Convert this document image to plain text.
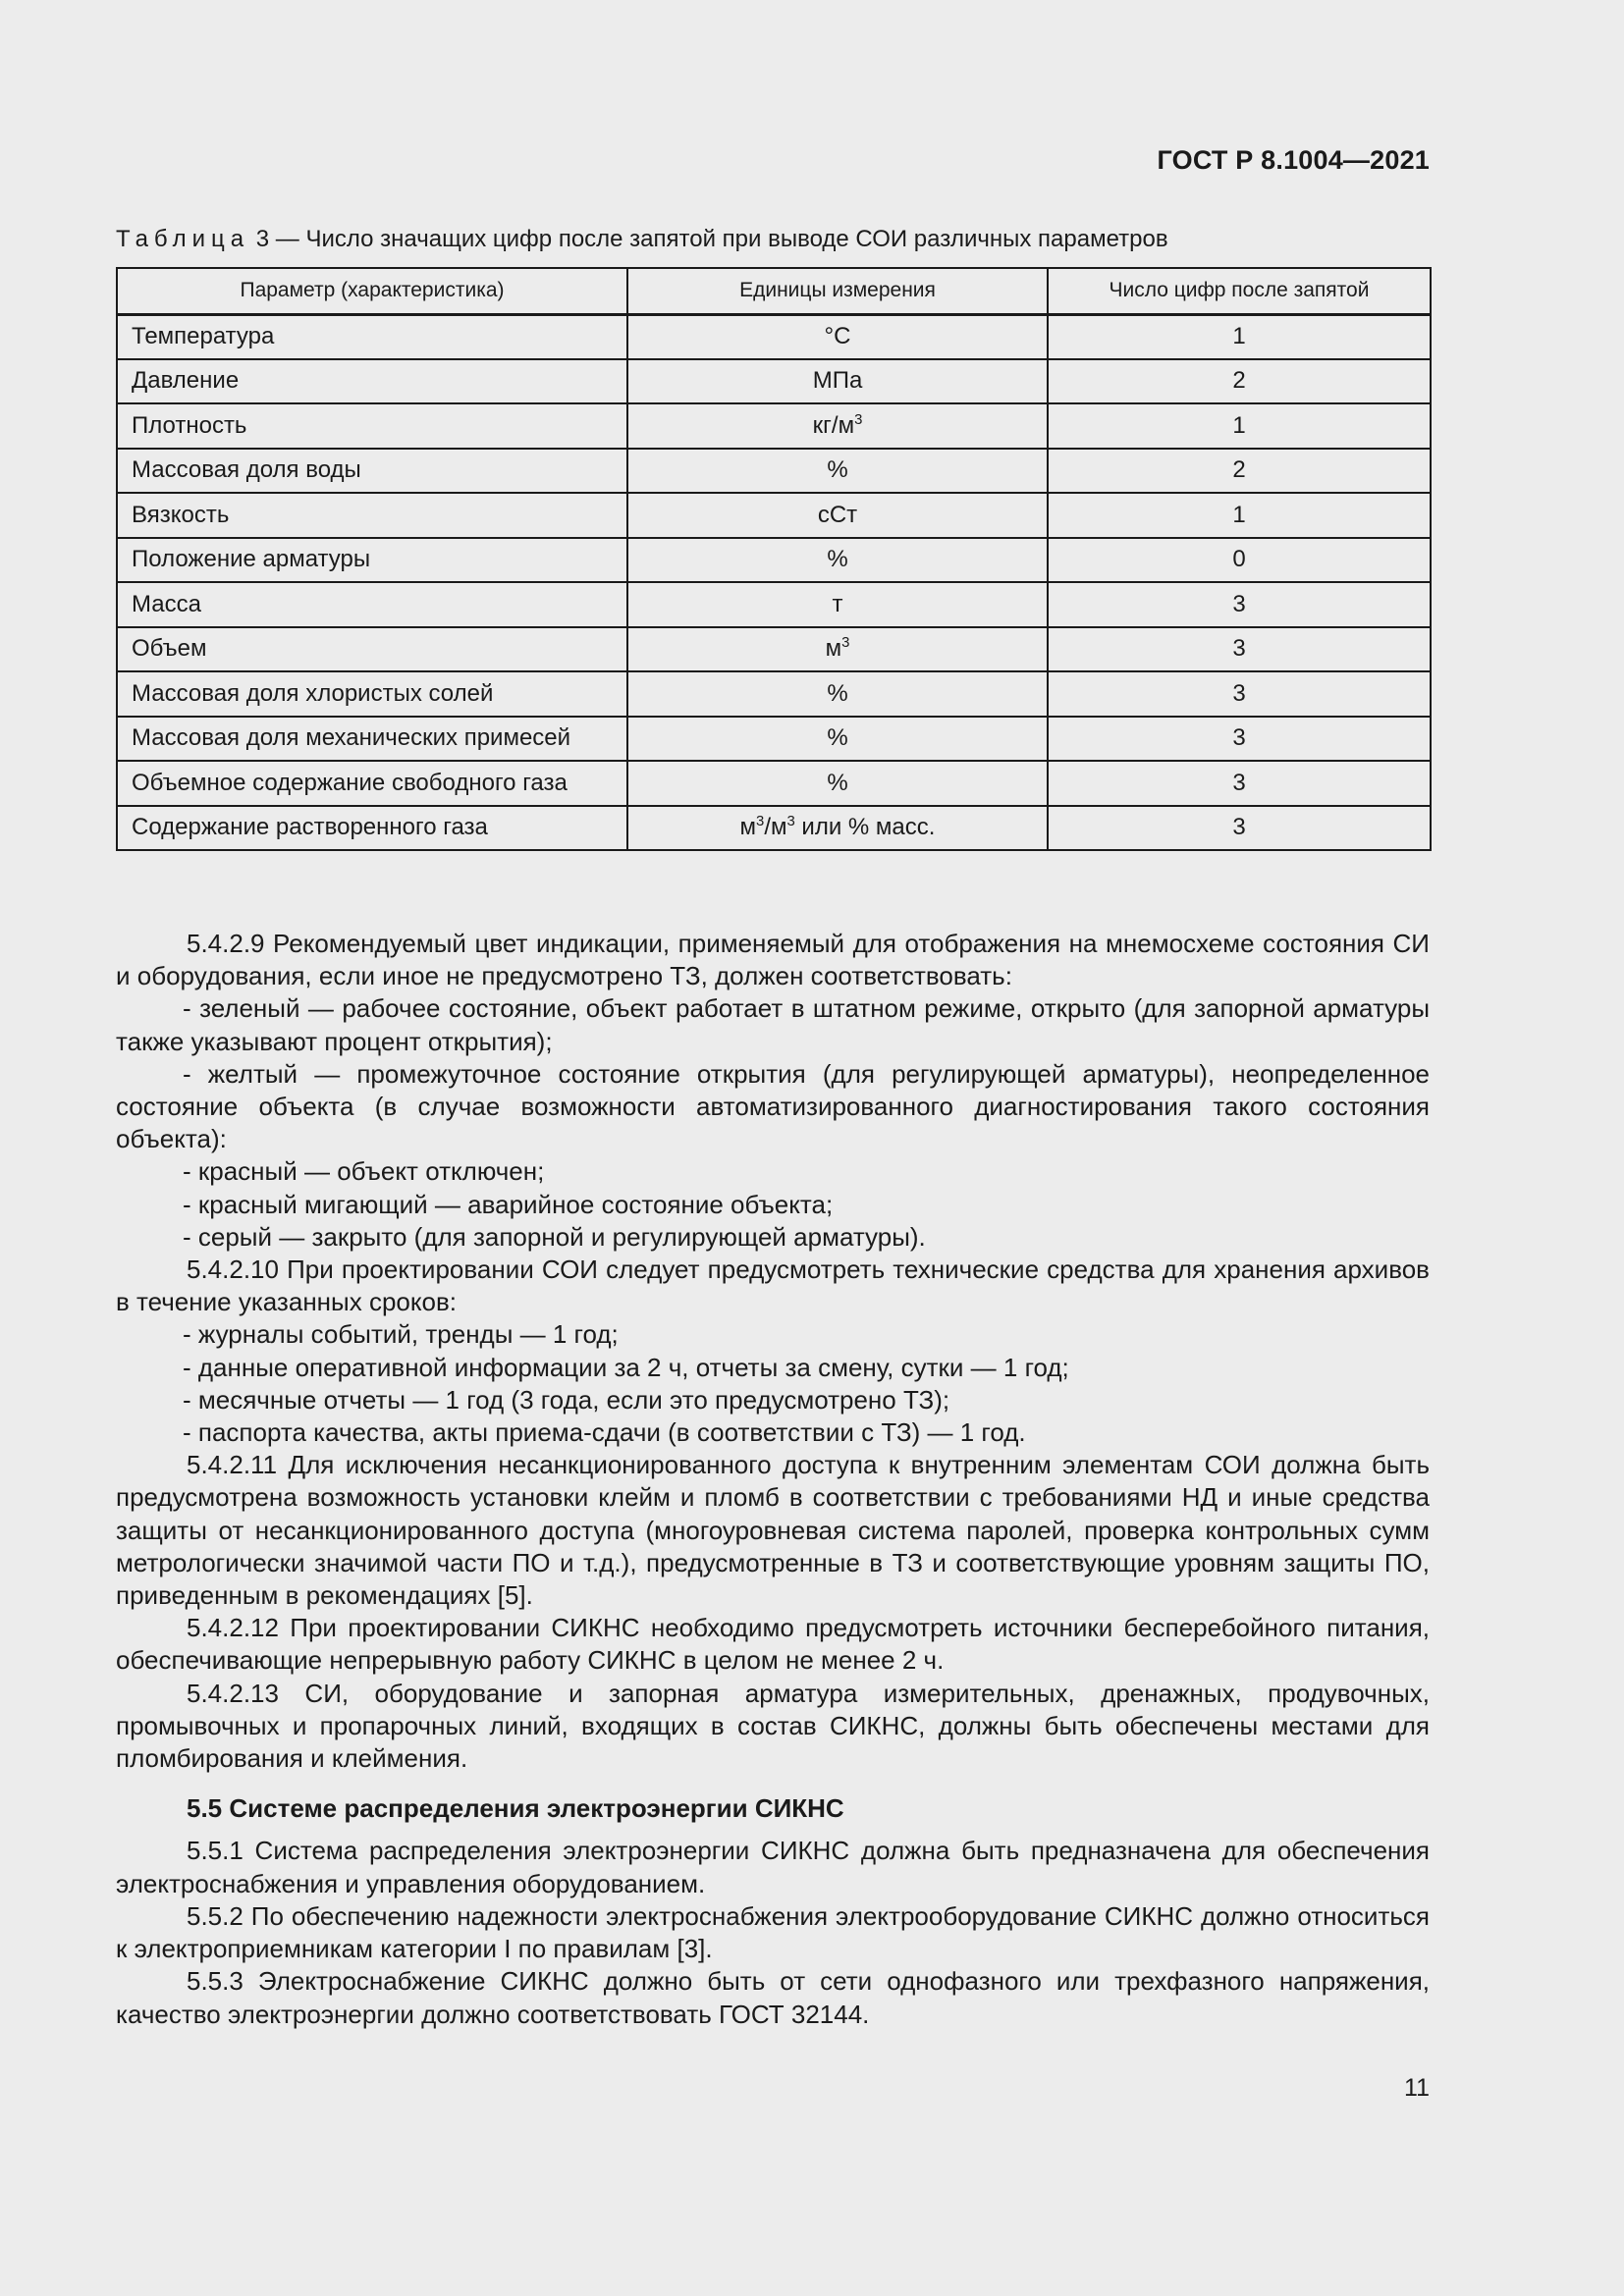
ГОСТ Р 8.1004—2021
Таблица 3 — Число значащих цифр после запятой при выводе СОИ различных параметров
Параметр (характеристика)	Единицы измерения	Число цифр после запятой
Температура	°С	1
Давление	МПа	2
Плотность	$кг/м^3$	1
Массовая доля воды	%	2
Вязкость	сСт	1
Положение арматуры	%	0
Масса	т	3
Объем	$м^3$	3
Массовая доля хлористых солей	%	3
Массовая доля механических примесей	%	3
Объемное содержание свободного газа	%	3
Содержание растворенного газа	$м^3/м^3$ или % масс.	3

5.4.2.9 Рекомендуемый цвет индикации, применяемый для отображения на мнемосхеме состояния СИ и оборудования, если иное не предусмотрено ТЗ, должен соответствовать:

- зеленый — рабочее состояние, объект работает в штатном режиме, открыто (для запорной арматуры также указывают процент открытия);

- желтый — промежуточное состояние открытия (для регулирующей арматуры), неопределенное состояние объекта (в случае возможности автоматизированного диагностирования такого состояния объекта):

- красный — объект отключен;

- красный мигающий — аварийное состояние объекта;

- серый — закрыто (для запорной и регулирующей арматуры).

5.4.2.10 При проектировании СОИ следует предусмотреть технические средства для хранения архивов в течение указанных сроков:

- журналы событий, тренды — 1 год;

- данные оперативной информации за 2 ч, отчеты за смену, сутки — 1 год;

- месячные отчеты — 1 год (3 года, если это предусмотрено ТЗ);

- паспорта качества, акты приема-сдачи (в соответствии с ТЗ) — 1 год.

5.4.2.11 Для исключения несанкционированного доступа к внутренним элементам СОИ должна быть предусмотрена возможность установки клейм и пломб в соответствии с требованиями НД и иные средства защиты от несанкционированного доступа (многоуровневая система паролей, проверка контрольных сумм метрологически значимой части ПО и т.д.), предусмотренные в ТЗ и соответствующие уровням защиты ПО, приведенным в рекомендациях [5].

5.4.2.12 При проектировании СИКНС необходимо предусмотреть источники бесперебойного питания, обеспечивающие непрерывную работу СИКНС в целом не менее 2 ч.

5.4.2.13 СИ, оборудование и запорная арматура измерительных, дренажных, продувочных, промывочных и пропарочных линий, входящих в состав СИКНС, должны быть обеспечены местами для пломбирования и клеймения.

5.5 Системе распределения электроэнергии СИКНС

5.5.1 Система распределения электроэнергии СИКНС должна быть предназначена для обеспечения электроснабжения и управления оборудованием.

5.5.2 По обеспечению надежности электроснабжения электрооборудование СИКНС должно относиться к электроприемникам категории I по правилам [3].

5.5.3 Электроснабжение СИКНС должно быть от сети однофазного или трехфазного напряжения, качество электроэнергии должно соответствовать ГОСТ 32144.

11
